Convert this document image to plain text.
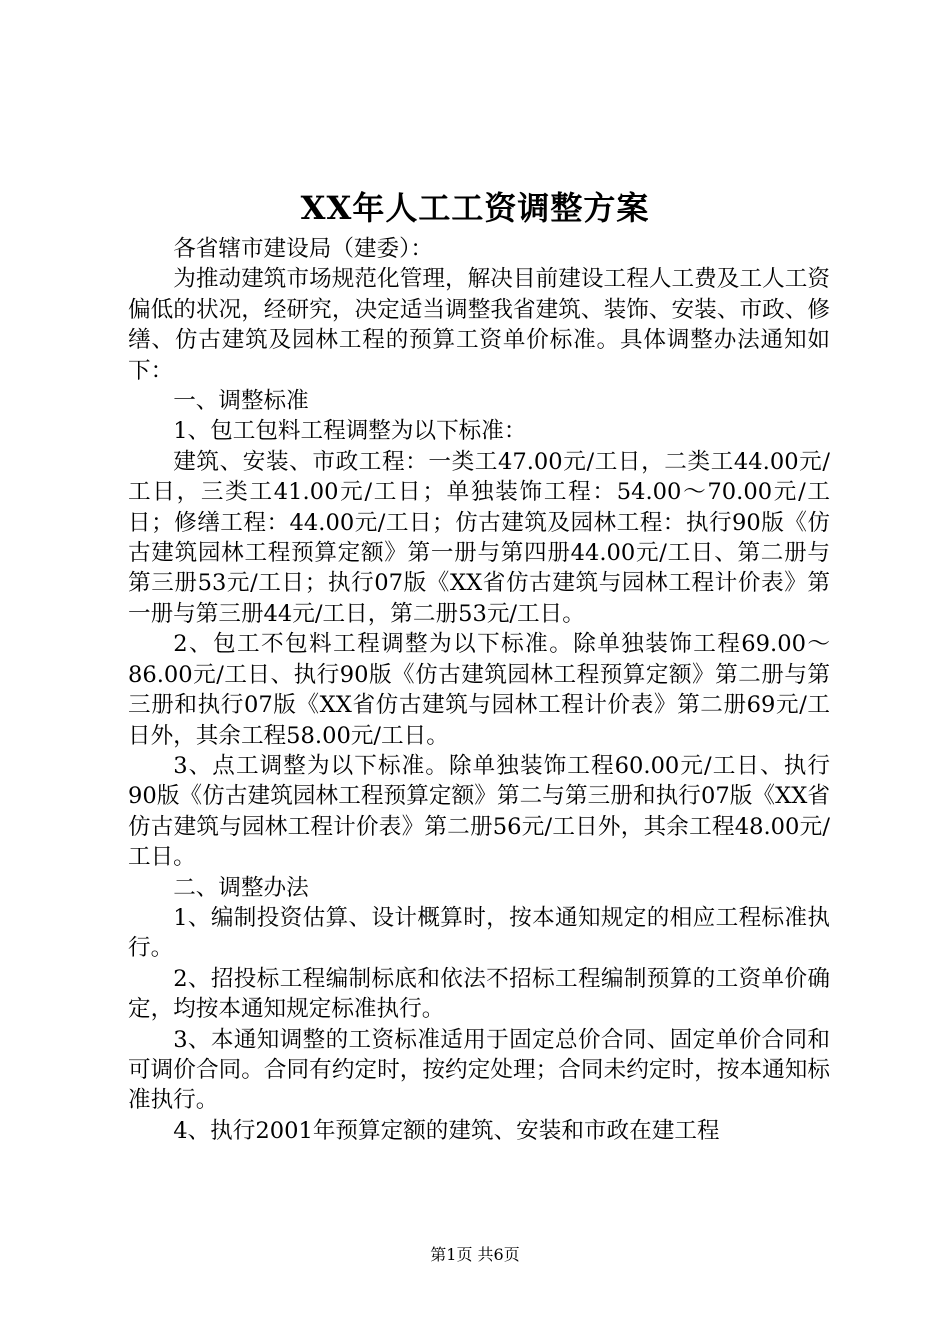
XX年人工工资调整方案

各省辖市建设局（建委）：

为推动建筑市场规范化管理，解决目前建设工程人工费及工人工资偏低的状况，经研究，决定适当调整我省建筑、装饰、安装、市政、修缮、仿古建筑及园林工程的预算工资单价标准。具体调整办法通知如下：

一、调整标准

1、包工包料工程调整为以下标准：

建筑、安装、市政工程：一类工47.00元/工日，二类工44.00元/工日，三类工41.00元/工日；单独装饰工程：54.00～70.00元/工日；修缮工程：44.00元/工日；仿古建筑及园林工程：执行90版《仿古建筑园林工程预算定额》第一册与第四册44.00元/工日、第二册与第三册53元/工日；执行07版《XX省仿古建筑与园林工程计价表》第一册与第三册44元/工日，第二册53元/工日。

2、包工不包料工程调整为以下标准。除单独装饰工程69.00～86.00元/工日、执行90版《仿古建筑园林工程预算定额》第二册与第三册和执行07版《XX省仿古建筑与园林工程计价表》第二册69元/工日外，其余工程58.00元/工日。

3、点工调整为以下标准。除单独装饰工程60.00元/工日、执行90版《仿古建筑园林工程预算定额》第二与第三册和执行07版《XX省仿古建筑与园林工程计价表》第二册56元/工日外，其余工程48.00元/工日。

二、调整办法

1、编制投资估算、设计概算时，按本通知规定的相应工程标准执行。

2、招投标工程编制标底和依法不招标工程编制预算的工资单价确定，均按本通知规定标准执行。

3、本通知调整的工资标准适用于固定总价合同、固定单价合同和可调价合同。合同有约定时，按约定处理；合同未约定时，按本通知标准执行。

4、执行2001年预算定额的建筑、安装和市政在建工程

第1页 共6页
